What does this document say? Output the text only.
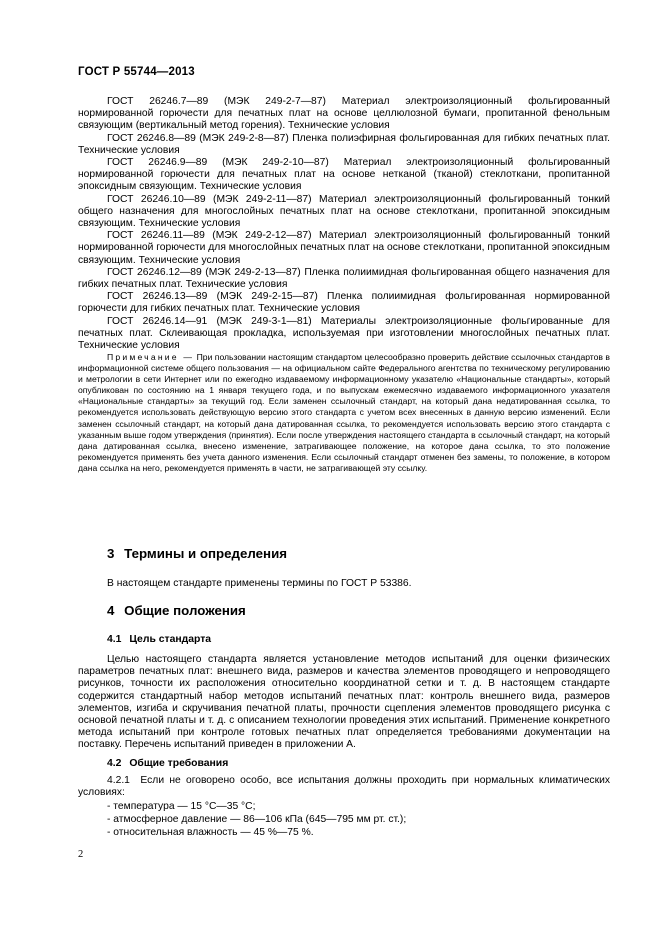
ГОСТ Р 55744—2013

ГОСТ 26246.7—89 (МЭК 249-2-7—87) Материал электроизоляционный фольгированный нормированной горючести для печатных плат на основе целлюлозной бумаги, пропитанной фенольным связующим (вертикальный метод горения). Технические условия

ГОСТ 26246.8—89 (МЭК 249-2-8—87) Пленка полиэфирная фольгированная для гибких печатных плат. Технические условия

ГОСТ 26246.9—89 (МЭК 249-2-10—87) Материал электроизоляционный фольгированный нормированной горючести для печатных плат на основе нетканой (тканой) стеклоткани, пропитанной эпоксидным связующим. Технические условия

ГОСТ 26246.10—89 (МЭК 249-2-11—87) Материал электроизоляционный фольгированный тонкий общего назначения для многослойных печатных плат на основе стеклоткани, пропитанной эпоксидным связующим. Технические условия

ГОСТ 26246.11—89 (МЭК 249-2-12—87) Материал электроизоляционный фольгированный тонкий нормированной горючести для многослойных печатных плат на основе стеклоткани, пропитанной эпоксидным связующим. Технические условия

ГОСТ 26246.12—89 (МЭК 249-2-13—87) Пленка полиимидная фольгированная общего назначения для гибких печатных плат. Технические условия

ГОСТ 26246.13—89 (МЭК 249-2-15—87) Пленка полиимидная фольгированная нормированной горючести для гибких печатных плат. Технические условия

ГОСТ 26246.14—91 (МЭК 249-3-1—81) Материалы электроизоляционные фольгированные для печатных плат. Склеивающая прокладка, используемая при изготовлении многослойных печатных плат. Технические условия

Примечание — При пользовании настоящим стандартом целесообразно проверить действие ссылочных стандартов в информационной системе общего пользования — на официальном сайте Федерального агентства по техническому регулированию и метрологии в сети Интернет или по ежегодно издаваемому информационному указателю «Национальные стандарты», который опубликован по состоянию на 1 января текущего года, и по выпускам ежемесячно издаваемого информационного указателя «Национальные стандарты» за текущий год. Если заменен ссылочный стандарт, на который дана недатированная ссылка, то рекомендуется использовать действующую версию этого стандарта с учетом всех внесенных в данную версию изменений. Если заменен ссылочный стандарт, на который дана датированная ссылка, то рекомендуется использовать версию этого стандарта с указанным выше годом утверждения (принятия). Если после утверждения настоящего стандарта в ссылочный стандарт, на который дана датированная ссылка, внесено изменение, затрагивающее положение, на которое дана ссылка, то это положение рекомендуется применять без учета данного изменения. Если ссылочный стандарт отменен без замены, то положение, в котором дана ссылка на него, рекомендуется применять в части, не затрагивающей эту ссылку.

3 Термины и определения

В настоящем стандарте применены термины по ГОСТ Р 53386.

4 Общие положения
4.1 Цель стандарта

Целью настоящего стандарта является установление методов испытаний для оценки физических параметров печатных плат: внешнего вида, размеров и качества элементов проводящего и непроводящего рисунков, точности их расположения относительно координатной сетки и т. д. В настоящем стандарте содержится стандартный набор методов испытаний печатных плат: контроль внешнего вида, размеров элементов, изгиба и скручивания печатной платы, прочности сцепления элементов проводящего рисунка с основой печатной платы и т. д. с описанием технологии проведения этих испытаний. Применение конкретного метода испытаний при контроле готовых печатных плат определяется требованиями документации на поставку. Перечень испытаний приведен в приложении А.

4.2 Общие требования

4.2.1 Если не оговорено особо, все испытания должны проходить при нормальных климатических условиях:

- температура — 15 °С—35 °С;
- атмосферное давление — 86—106 кПа (645—795 мм рт. ст.);
- относительная влажность — 45 %—75 %.
2
